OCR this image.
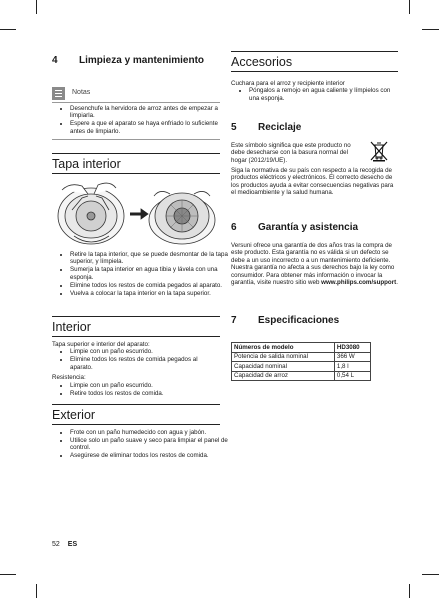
4 Limpieza y mantenimiento
Notas
• Desenchufe la hervidora de arroz antes de empezar a limpiarla.
• Espere a que el aparato se haya enfriado lo suficiente antes de limpiarlo.
Tapa interior
• Retire la tapa interior, que se puede desmontar de la tapa superior, y límpiela.
• Sumerja la tapa interior en agua tibia y lávela con una esponja.
• Elimine todos los restos de comida pegados al aparato.
• Vuelva a colocar la tapa interior en la tapa superior.
Interior

Tapa superior e interior del aparato:

• Limpie con un paño escurrido.
• Elimine todos los restos de comida pegados al aparato.

Resistencia:

• Limpie con un paño escurrido.
• Retire todos los restos de comida.
Exterior
• Frote con un paño humedecido con agua y jabón.
• Utilice solo un paño suave y seco para limpiar el panel de control.
• Asegúrese de eliminar todos los restos de comida.
Accesorios

Cuchara para el arroz y recipiente interior

• Póngalos a remojo en agua caliente y límpielos con una esponja.
5 Reciclaje

Este símbolo significa que este producto no debe desecharse con la basura normal del hogar (2012/19/UE).

Siga la normativa de su país con respecto a la recogida de productos eléctricos y electrónicos. El correcto desecho de los productos ayuda a evitar consecuencias negativas para el medioambiente y la salud humana.

6 Garantía y asistencia

Versuni ofrece una garantía de dos años tras la compra de este producto. Esta garantía no es válida si un defecto se debe a un uso incorrecto o a un mantenimiento deficiente. Nuestra garantía no afecta a sus derechos bajo la ley como consumidor. Para obtener más información o invocar la garantía, visite nuestro sitio web www.philips.com/support.

7 Especificaciones
Números de modelo	HD3080
Potencia de salida nominal	366 W
Capacidad nominal	1,8 l
Capacidad de arroz	0,54 L
52 ES
